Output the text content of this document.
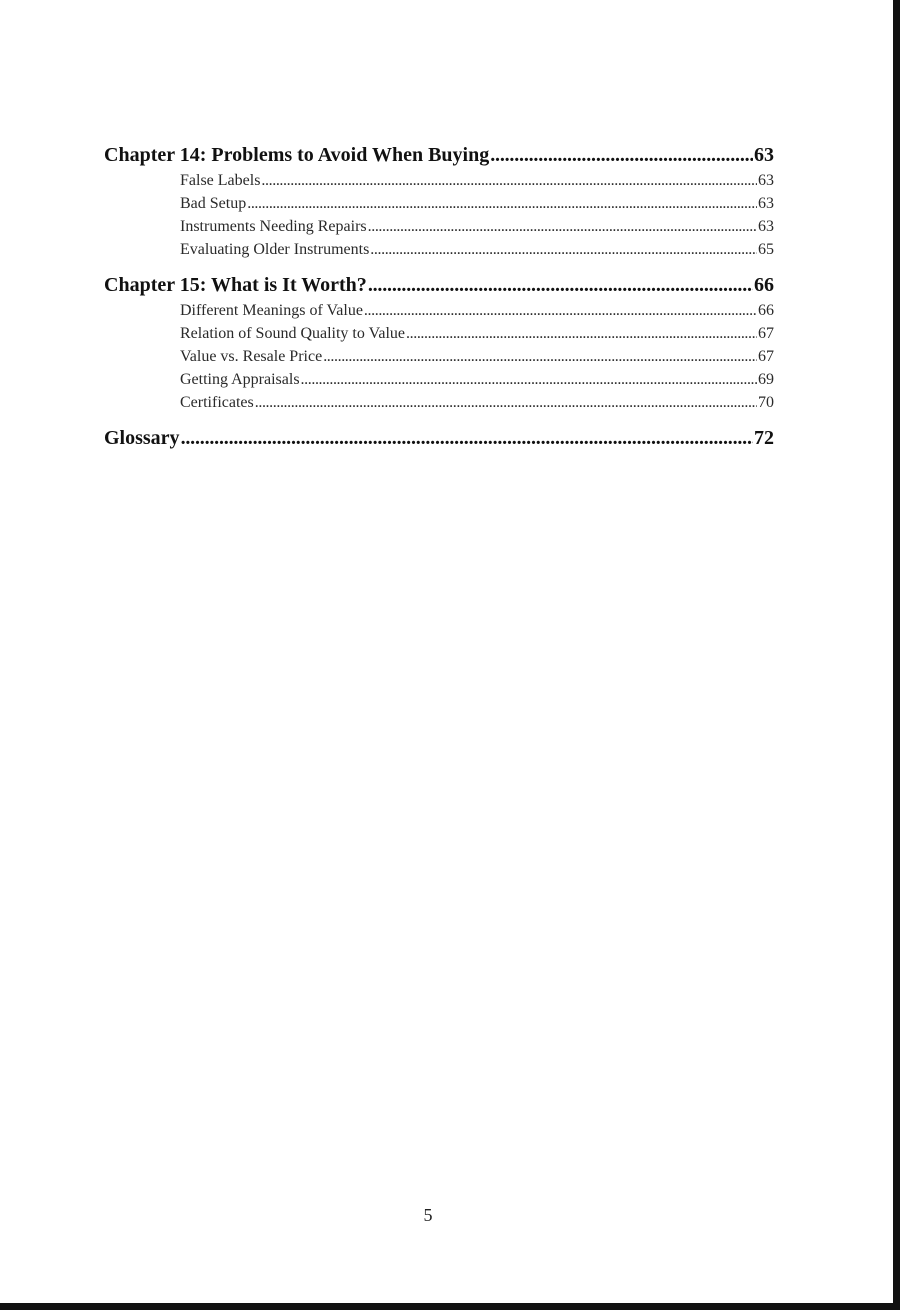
Chapter 14: Problems to Avoid When Buying . . .	63
False Labels . . .	63
Bad Setup . . .	63
Instruments Needing Repairs . . .	63
Evaluating Older Instruments . . .	65
Chapter 15: What is It Worth? . . .	66
Different Meanings of Value . . .	66
Relation of Sound Quality to Value . . .	67
Value vs. Resale Price . . .	67
Getting Appraisals . . .	69
Certificates . . .	70
Glossary . . .	72
5
